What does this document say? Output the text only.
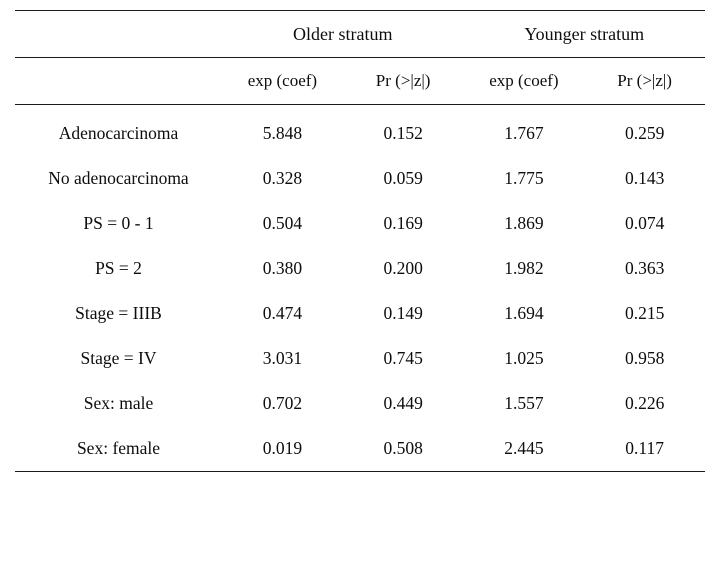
	Older stratum		Younger stratum	

	exp (coef)	Pr (>|z|)	exp (coef)	Pr (>|z|)

Adenocarcinoma	5.848	0.152	1.767	0.259
No adenocarcinoma	0.328	0.059	1.775	0.143
PS = 0 - 1	0.504	0.169	1.869	0.074
PS = 2	0.380	0.200	1.982	0.363
Stage = IIIB	0.474	0.149	1.694	0.215
Stage = IV	3.031	0.745	1.025	0.958
Sex: male	0.702	0.449	1.557	0.226
Sex: female	0.019	0.508	2.445	0.117
